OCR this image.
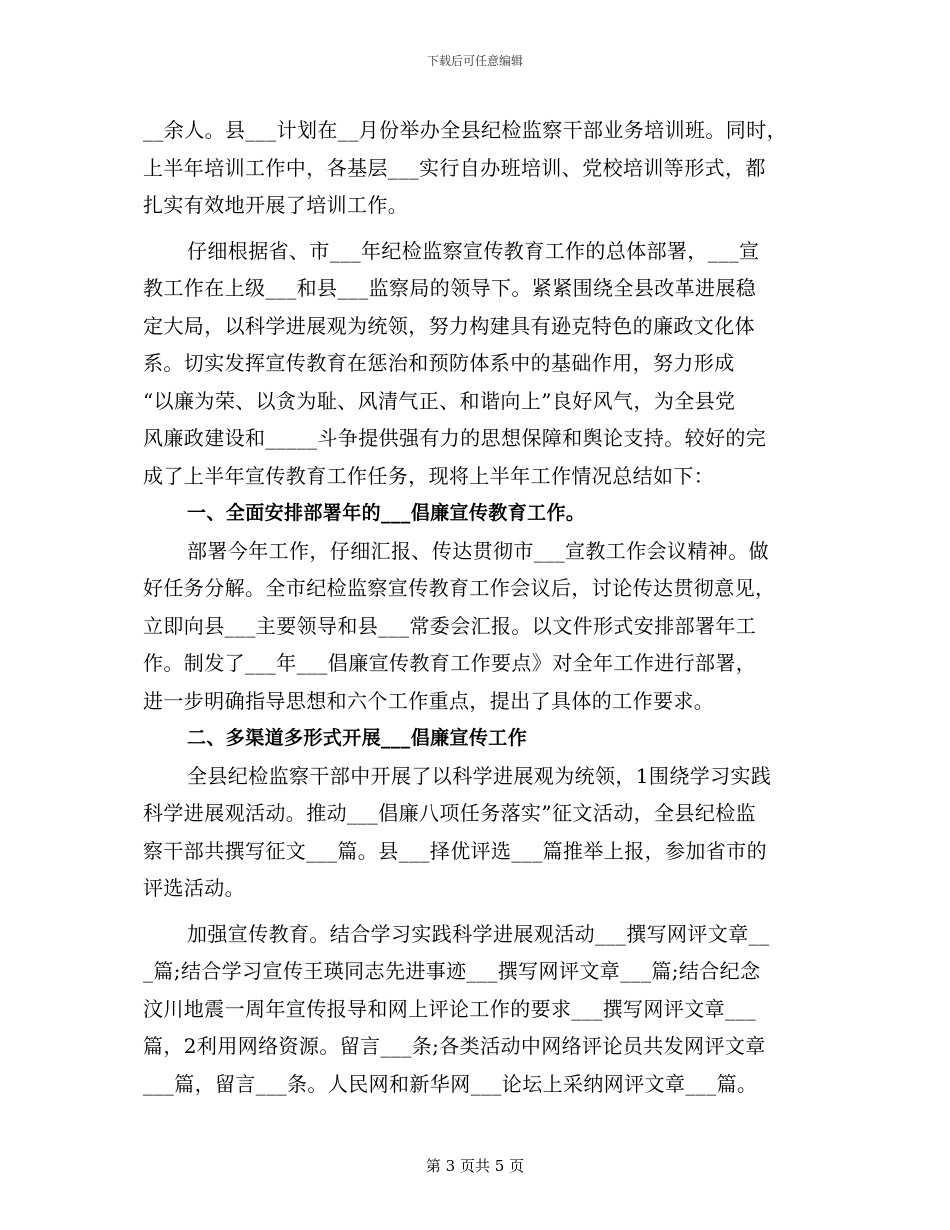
下载后可任意编辑
__余人。县___计划在__月份举办全县纪检监察干部业务培训班。同时，
上半年培训工作中，各基层___实行自办班培训、党校培训等形式，都
扎实有效地开展了培训工作。
仔细根据省、市___年纪检监察宣传教育工作的总体部署，___宣
教工作在上级___和县___监察局的领导下。紧紧围绕全县改革进展稳
定大局，以科学进展观为统领，努力构建具有逊克特色的廉政文化体
系。切实发挥宣传教育在惩治和预防体系中的基础作用，努力形成
“以廉为荣、以贪为耻、风清气正、和谐向上”良好风气，为全县党
风廉政建设和_____斗争提供强有力的思想保障和舆论支持。较好的完
成了上半年宣传教育工作任务，现将上半年工作情况总结如下：
一、全面安排部署年的___倡廉宣传教育工作。
部署今年工作，仔细汇报、传达贯彻市___宣教工作会议精神。做
好任务分解。全市纪检监察宣传教育工作会议后，讨论传达贯彻意见，
立即向县___主要领导和县___常委会汇报。以文件形式安排部署年工
作。制发了___年___倡廉宣传教育工作要点》对全年工作进行部署，
进一步明确指导思想和六个工作重点，提出了具体的工作要求。
二、多渠道多形式开展___倡廉宣传工作
全县纪检监察干部中开展了以科学进展观为统领，1围绕学习实践
科学进展观活动。推动___倡廉八项任务落实”征文活动，全县纪检监
察干部共撰写征文___篇。县___择优评选___篇推举上报，参加省市的
评选活动。
加强宣传教育。结合学习实践科学进展观活动___撰写网评文章__
_篇;结合学习宣传王瑛同志先进事迹___撰写网评文章___篇;结合纪念
汶川地震一周年宣传报导和网上评论工作的要求___撰写网评文章___
篇，2利用网络资源。留言___条;各类活动中网络评论员共发网评文章
___篇，留言___条。人民网和新华网___论坛上采纳网评文章___篇。
第 3 页共 5 页
